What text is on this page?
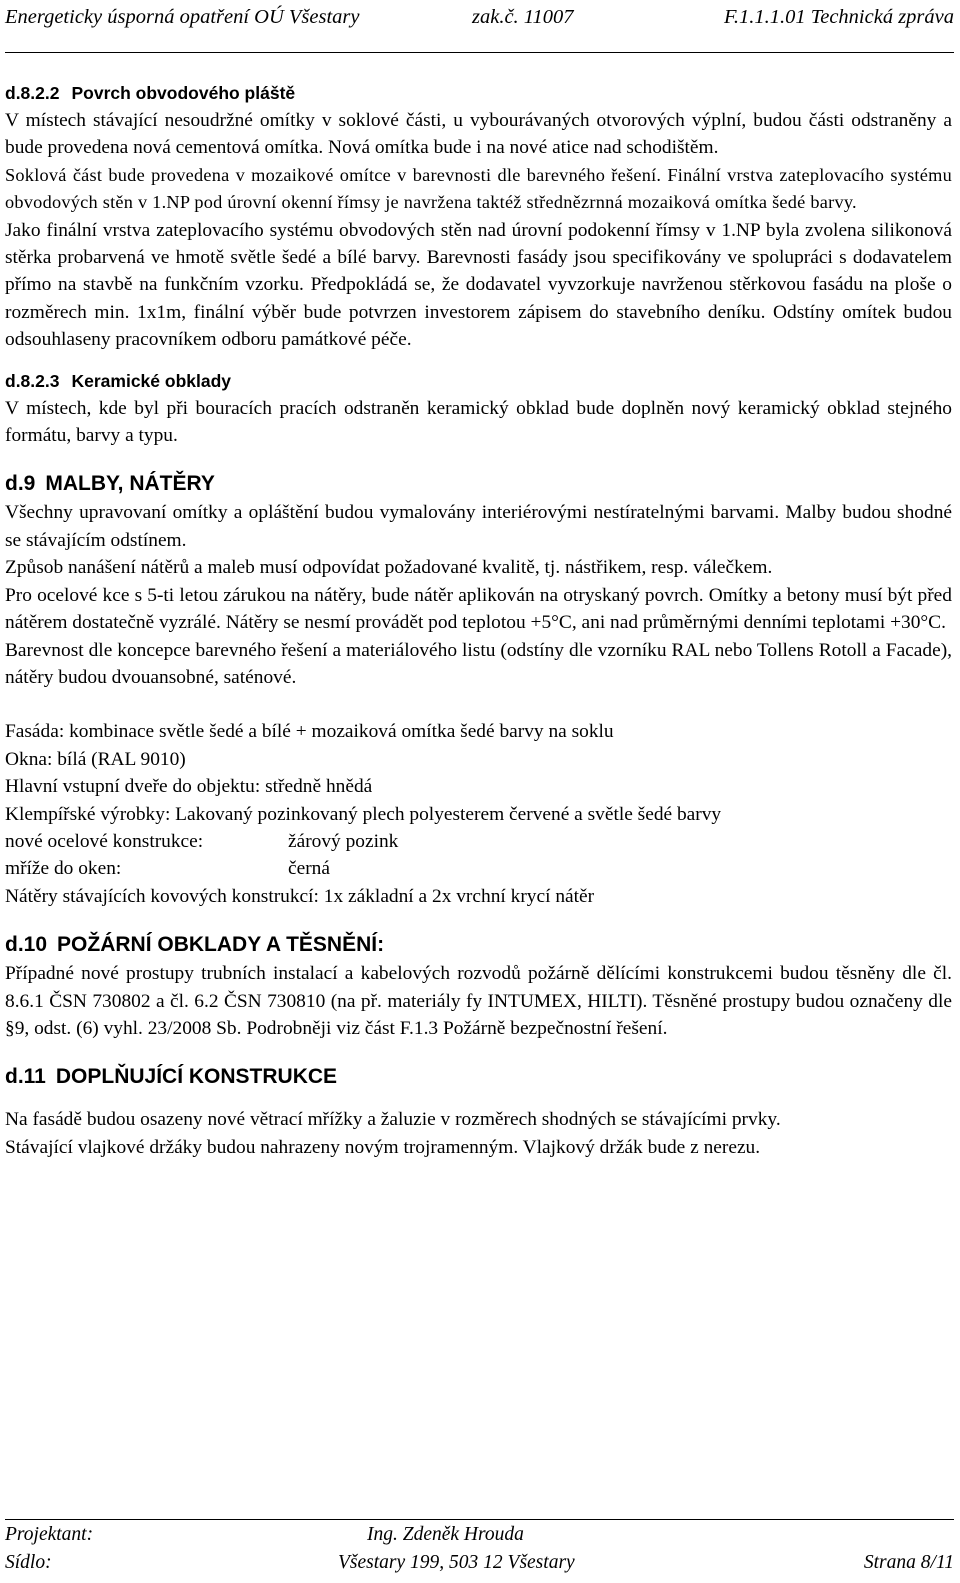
Energeticky úsporná opatření OÚ Všestary	zak.č. 11007	F.1.1.1.01 Technická zpráva
d.8.2.2 Povrch obvodového pláště

V místech stávající nesoudržné omítky v soklové části, u vybourávaných otvorových výplní, budou části odstraněny a bude provedena nová cementová omítka. Nová omítka bude i na nové atice nad schodištěm.

Soklová část bude provedena v mozaikové omítce v barevnosti dle barevného řešení. Finální vrstva zateplovacího systému obvodových stěn v 1.NP pod úrovní okenní římsy je navržena taktéž střednězrnná mozaiková omítka šedé barvy.

Jako finální vrstva zateplovacího systému obvodových stěn nad úrovní podokenní římsy v 1.NP byla zvolena silikonová stěrka probarvená ve hmotě světle šedé a bílé barvy. Barevnosti fasády jsou specifikovány ve spolupráci s dodavatelem přímo na stavbě na funkčním vzorku. Předpokládá se, že dodavatel vyvzorkuje navrženou stěrkovou fasádu na ploše o rozměrech min. 1x1m, finální výběr bude potvrzen investorem zápisem do stavebního deníku. Odstíny omítek budou odsouhlaseny pracovníkem odboru památkové péče.

d.8.2.3 Keramické obklady

V místech, kde byl při bouracích pracích odstraněn keramický obklad bude doplněn nový keramický obklad stejného formátu, barvy a typu.

d.9 MALBY, NÁTĚRY

Všechny upravovaní omítky a opláštění budou vymalovány interiérovými nestíratelnými barvami. Malby budou shodné se stávajícím odstínem.

Způsob nanášení nátěrů a maleb musí odpovídat požadované kvalitě, tj. nástřikem, resp. válečkem.

Pro ocelové kce s 5-ti letou zárukou na nátěry, bude nátěr aplikován na otryskaný povrch. Omítky a betony musí být před nátěrem dostatečně vyzrálé. Nátěry se nesmí provádět pod teplotou +5°C, ani nad průměrnými denními teplotami +30°C.

Barevnost dle koncepce barevného řešení a materiálového listu (odstíny dle vzorníku RAL nebo Tollens Rotoll a Facade), nátěry budou dvouansobné, saténové.

Fasáda: kombinace světle šedé a bílé + mozaiková omítka šedé barvy na soklu

Okna: bílá (RAL 9010)

Hlavní vstupní dveře do objektu: středně hnědá

Klempířské výrobky: Lakovaný pozinkovaný plech polyesterem červené a světle šedé barvy

nové ocelové konstrukce:	žárový pozink
mříže do oken:	černá

Nátěry stávajících kovových konstrukcí: 1x základní a 2x vrchní krycí nátěr

d.10 POŽÁRNÍ OBKLADY A TĚSNĚNÍ:

Případné nové prostupy trubních instalací a kabelových rozvodů požárně dělícími konstrukcemi budou těsněny dle čl. 8.6.1 ČSN 730802 a čl. 6.2 ČSN 730810 (na př. materiály fy INTUMEX, HILTI). Těsněné prostupy budou označeny dle §9, odst. (6) vyhl. 23/2008 Sb. Podrobněji viz část F.1.3 Požárně bezpečnostní řešení.

d.11 DOPLŇUJÍCÍ KONSTRUKCE

Na fasádě budou osazeny nové větrací mřížky a žaluzie v rozměrech shodných se stávajícími prvky.

Stávající vlajkové držáky budou nahrazeny novým trojramenným. Vlajkový držák bude z nerezu.

Projektant:	Ing. Zdeněk Hrouda
Sídlo:	Všestary 199, 503 12 Všestary	Strana 8/11
